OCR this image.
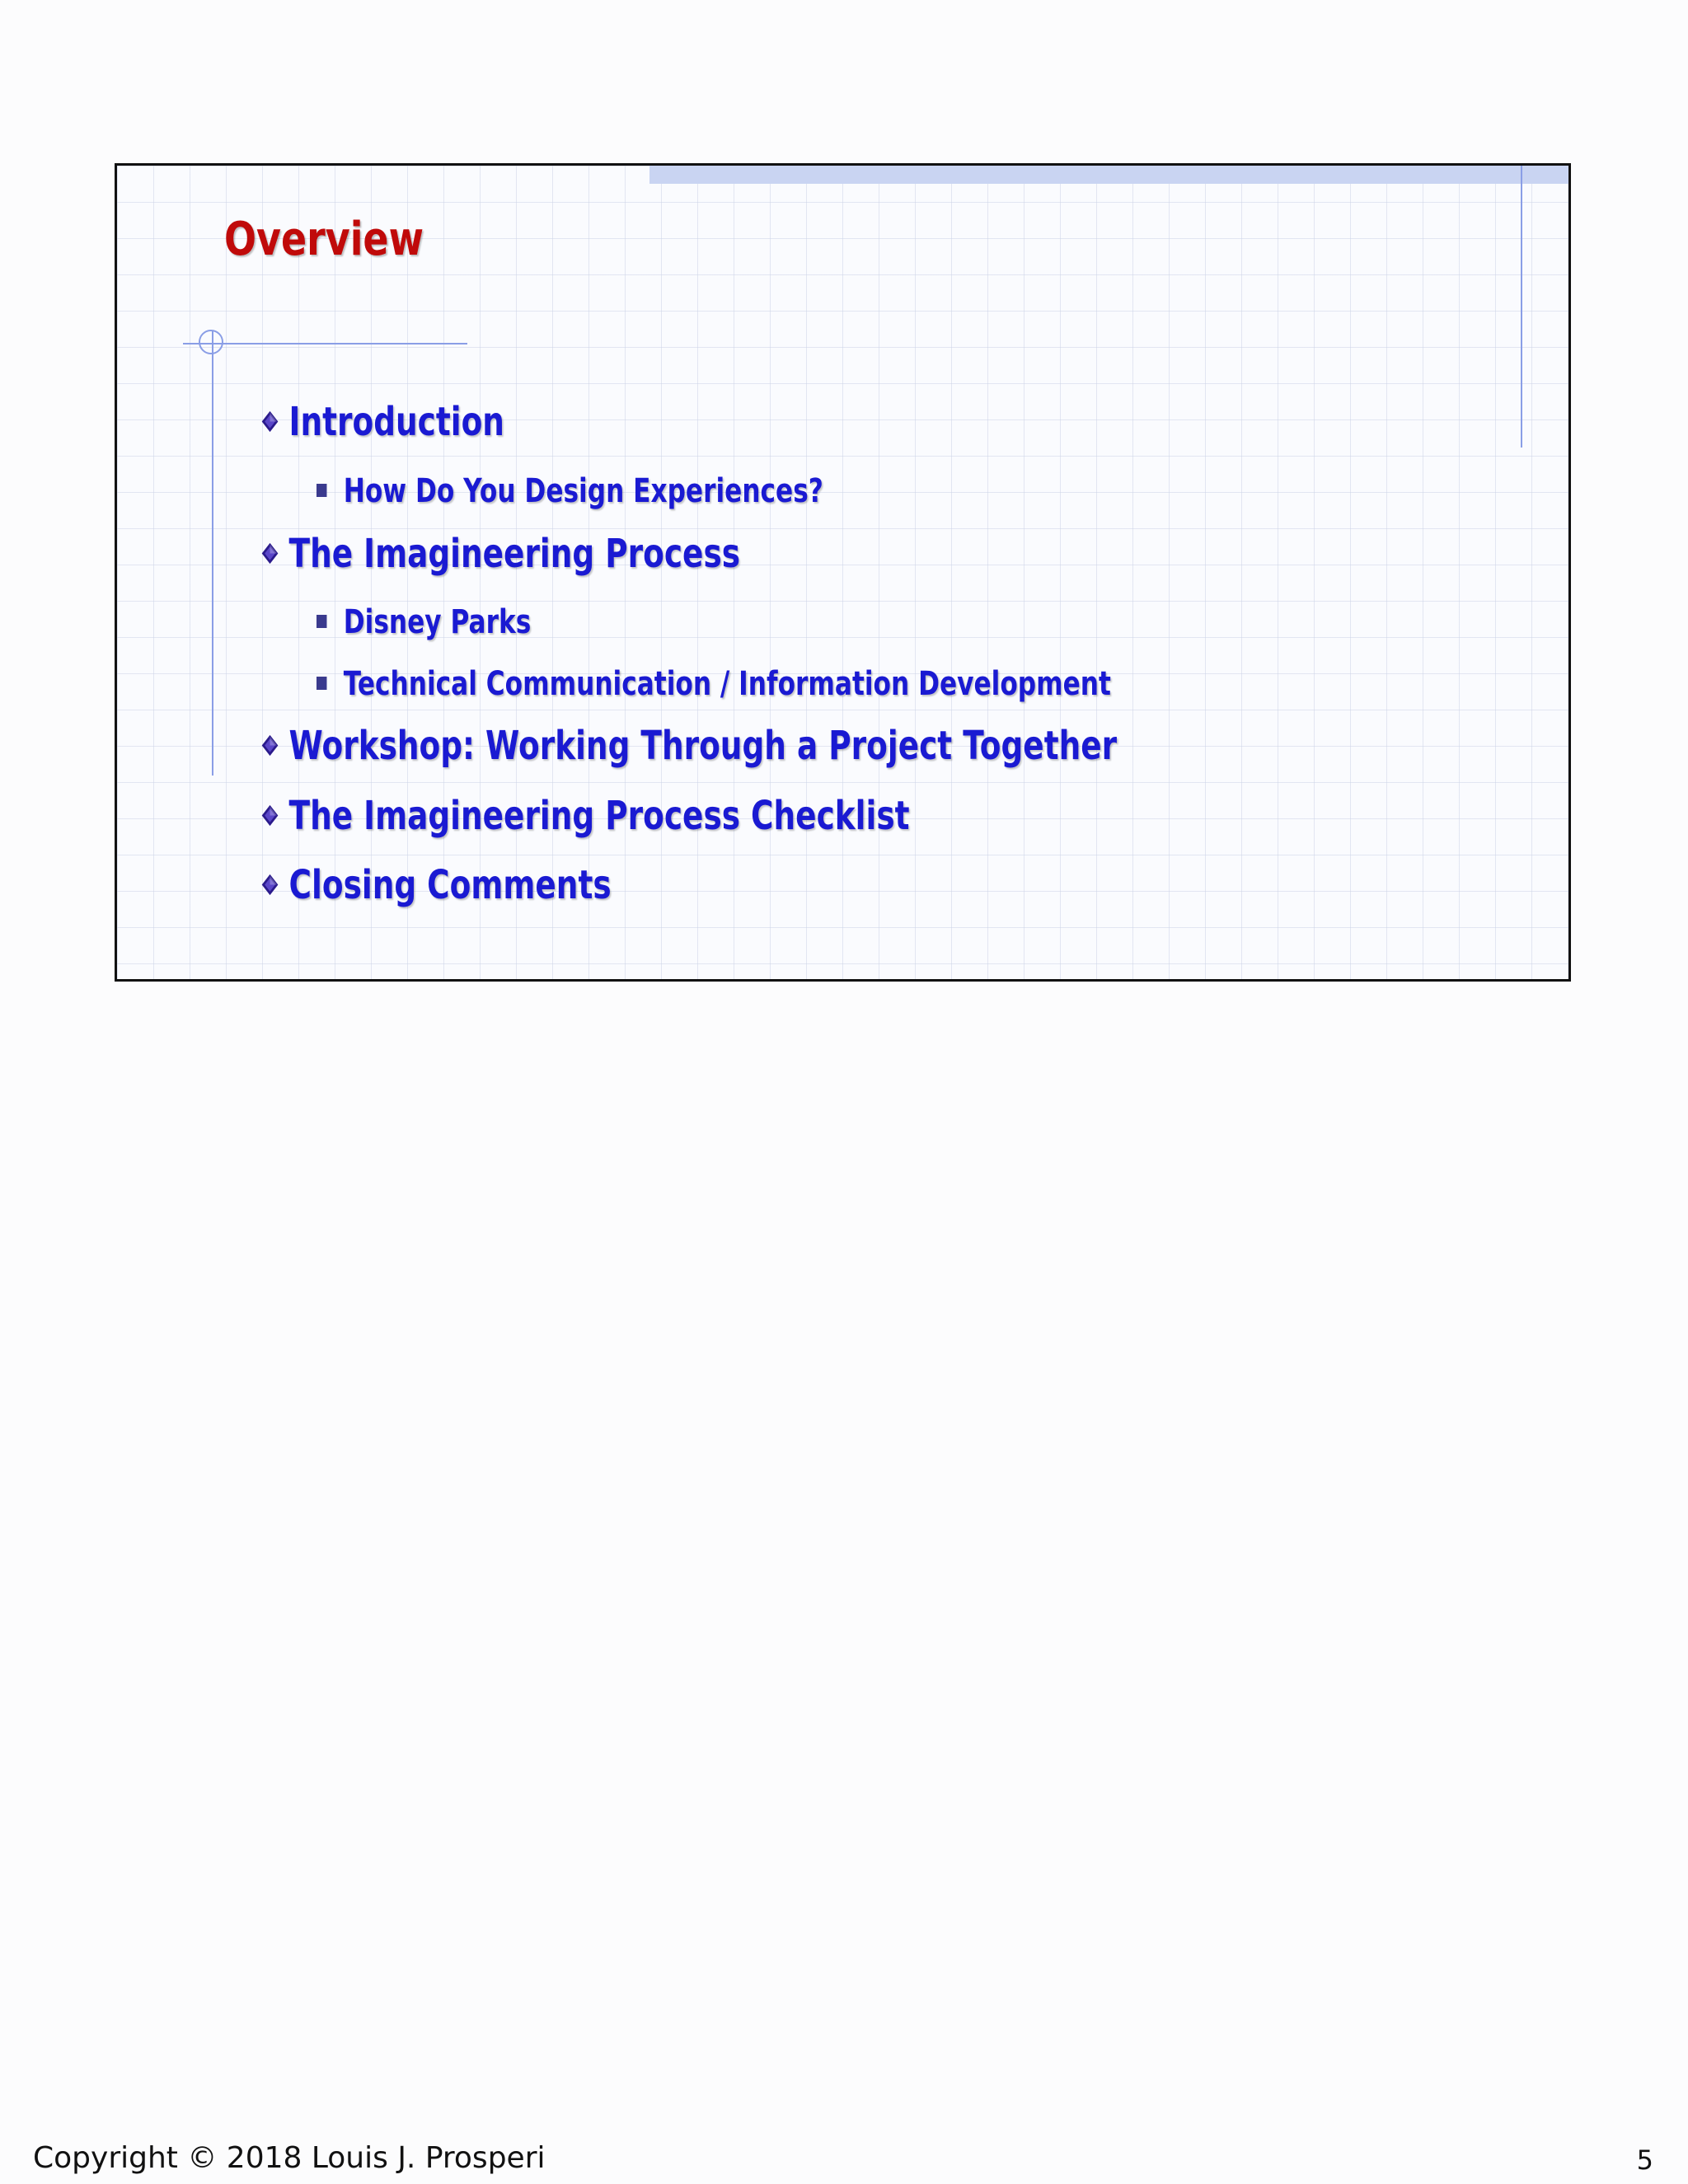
Overview
Introduction
How Do You Design Experiences?
The Imagineering Process
Disney Parks
Technical Communication / Information Development
Workshop: Working Through a Project Together
The Imagineering Process Checklist
Closing Comments
Copyright © 2018 Louis J. Prosperi	5
